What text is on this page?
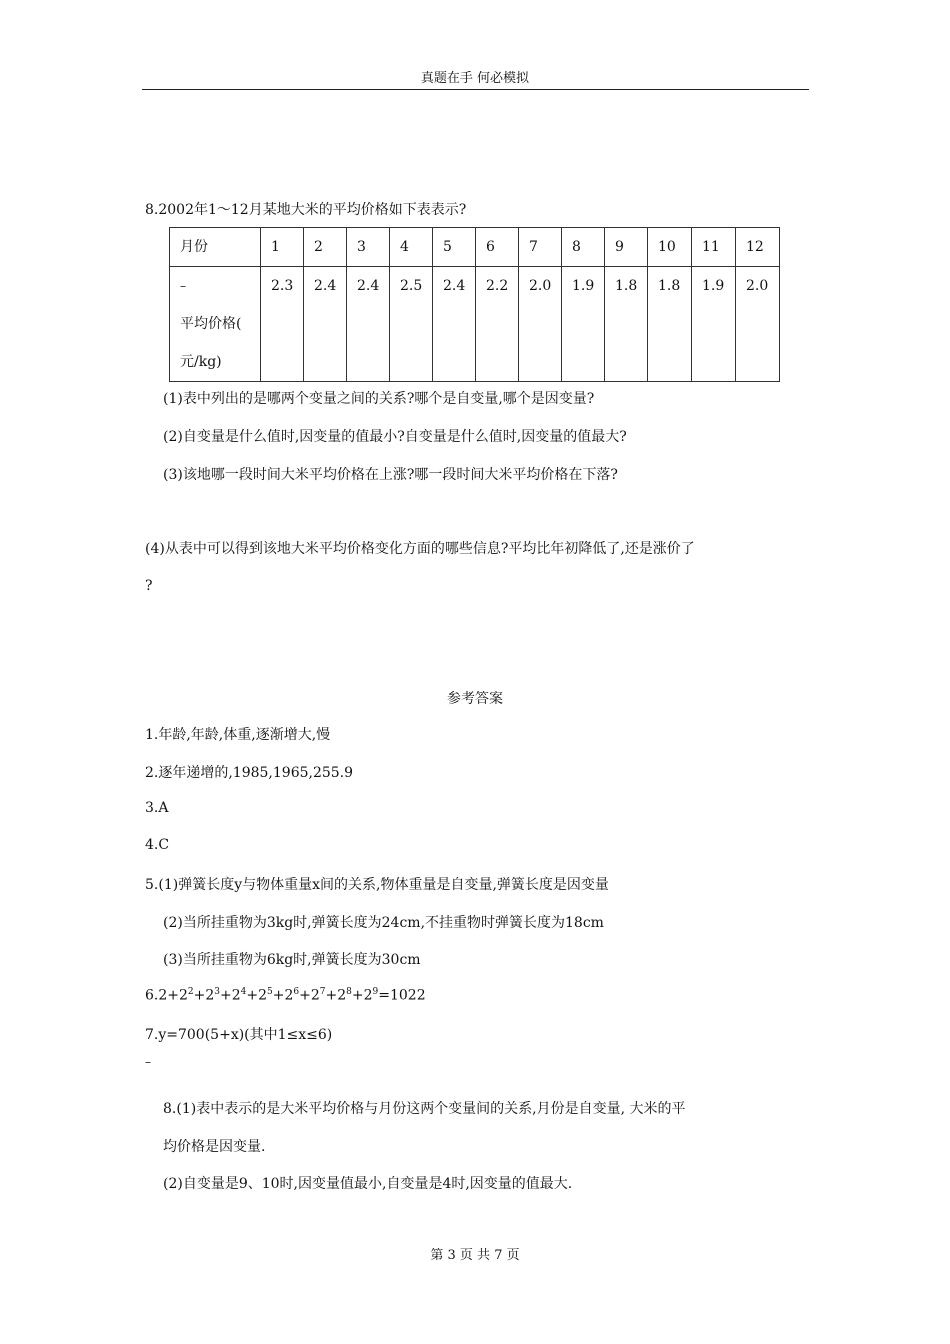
真题在手 何必模拟
8.2002年1～12月某地大米的平均价格如下表表示?
月份	1	2	3	4	5	6	7	8	9	10	11	12

–
平均价格(
元/kg)	2.3	2.4	2.4	2.5	2.4	2.2	2.0	1.9	1.8	1.8	1.9	2.0
(1)表中列出的是哪两个变量之间的关系?哪个是自变量,哪个是因变量?
(2)自变量是什么值时,因变量的值最小?自变量是什么值时,因变量的值最大?
(3)该地哪一段时间大米平均价格在上涨?哪一段时间大米平均价格在下落?
(4)从表中可以得到该地大米平均价格变化方面的哪些信息?平均比年初降低了,还是涨价了
?
参考答案
1.年龄,年龄,体重,逐渐增大,慢
2.逐年递增的,1985,1965,255.9
3.A
4.C
5.(1)弹簧长度y与物体重量x间的关系,物体重量是自变量,弹簧长度是因变量
(2)当所挂重物为3kg时,弹簧长度为24cm,不挂重物时弹簧长度为18cm
(3)当所挂重物为6kg时,弹簧长度为30cm
$6.2+2^2+2^3+2^4+2^5+2^6+2^7+2^8+2^9=1022$
7.y=700(5+x)(其中1≤x≤6)
–
8.(1)表中表示的是大米平均价格与月份这两个变量间的关系,月份是自变量, 大米的平
均价格是因变量.
(2)自变量是9、10时,因变量值最小,自变量是4时,因变量的值最大.
第 3 页 共 7 页
